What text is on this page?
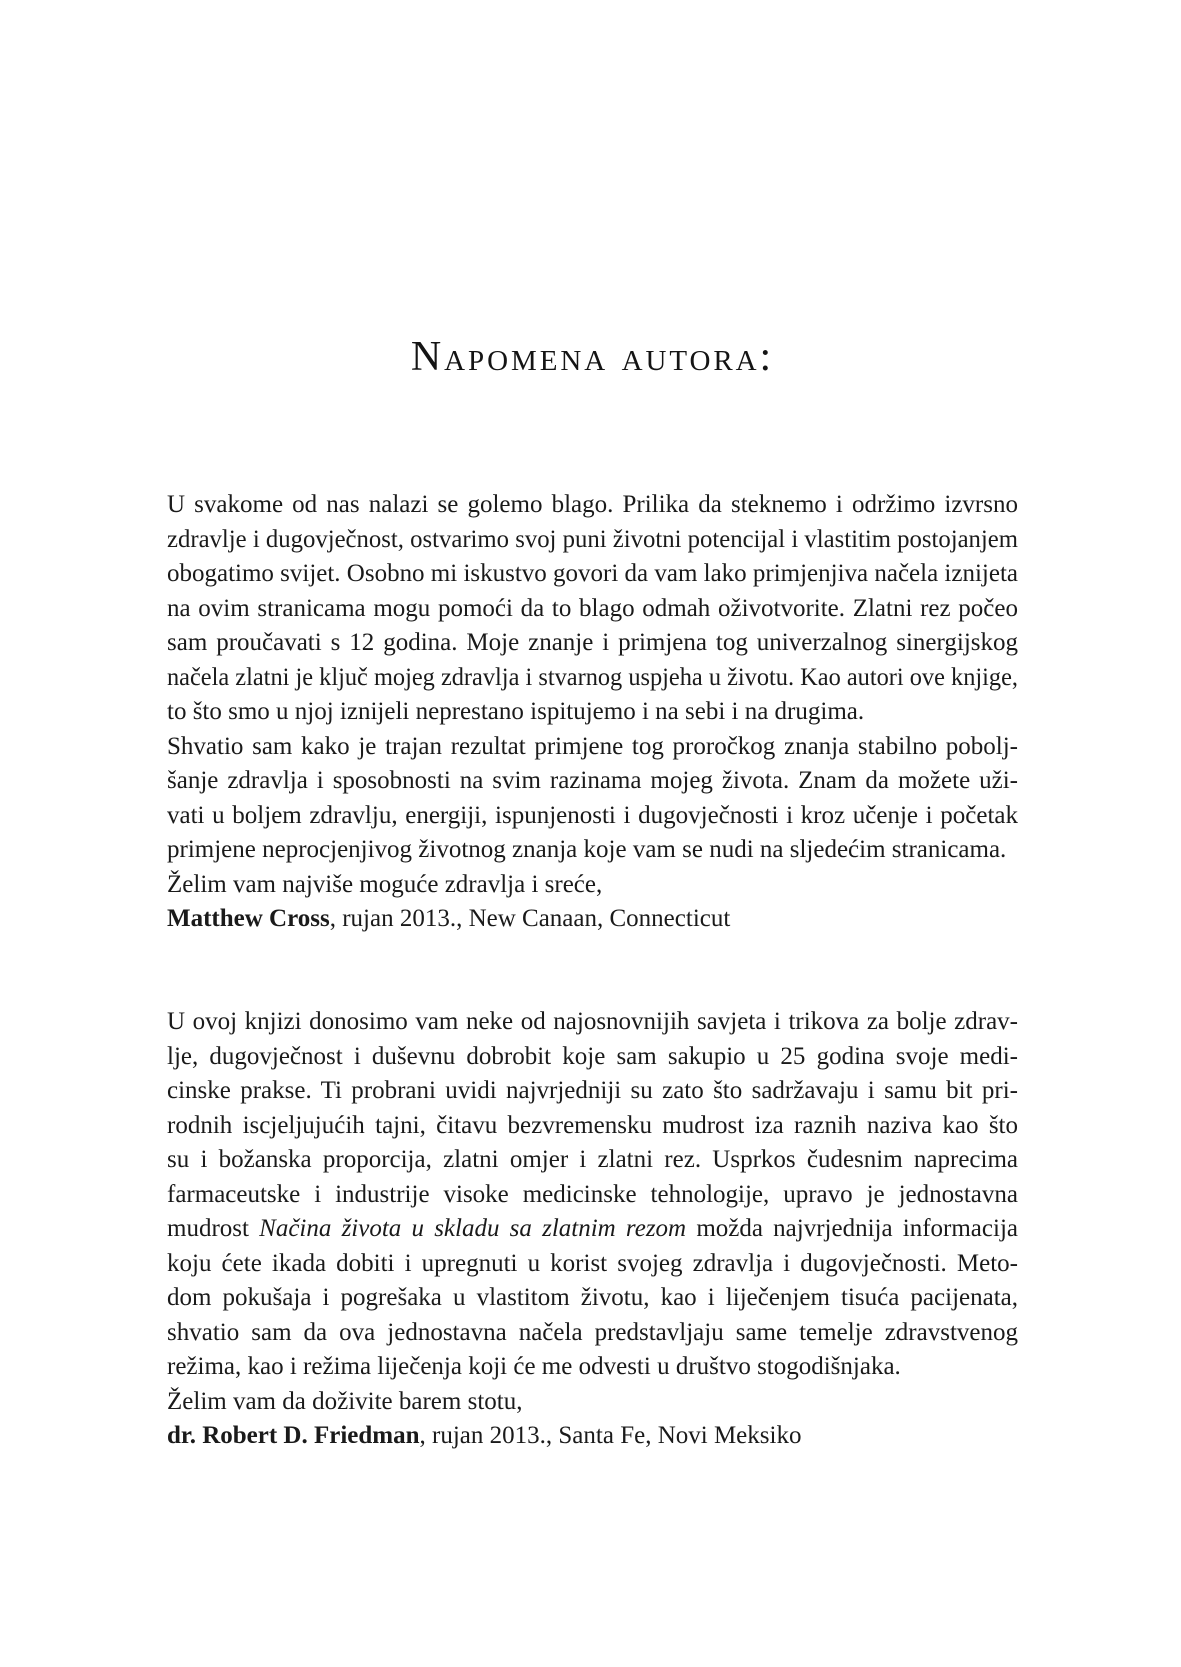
Napomena autora:
U svakome od nas nalazi se golemo blago. Prilika da steknemo i održimo izvrsno
zdravlje i dugovječnost, ostvarimo svoj puni životni potencijal i vlastitim postojanjem
obogatimo svijet. Osobno mi iskustvo govori da vam lako primjenjiva načela iznijeta
na ovim stranicama mogu pomoći da to blago odmah oživotvorite. Zlatni rez počeo
sam proučavati s 12 godina. Moje znanje i primjena tog univerzalnog sinergijskog
načela zlatni je ključ mojeg zdravlja i stvarnog uspjeha u životu. Kao autori ove knjige,
to što smo u njoj iznijeli neprestano ispitujemo i na sebi i na drugima.
Shvatio sam kako je trajan rezultat primjene tog proročkog znanja stabilno pobolj-
šanje zdravlja i sposobnosti na svim razinama mojeg života. Znam da možete uži-
vati u boljem zdravlju, energiji, ispunjenosti i dugovječnosti i kroz učenje i početak
primjene neprocjenjivog životnog znanja koje vam se nudi na sljedećim stranicama.
Želim vam najviše moguće zdravlja i sreće,
Matthew Cross, rujan 2013., New Canaan, Connecticut
U ovoj knjizi donosimo vam neke od najosnovnijih savjeta i trikova za bolje zdrav-
lje, dugovječnost i duševnu dobrobit koje sam sakupio u 25 godina svoje medi-
cinske prakse. Ti probrani uvidi najvrjedniji su zato što sadržavaju i samu bit pri-
rodnih iscjeljujućih tajni, čitavu bezvremensku mudrost iza raznih naziva kao što
su i božanska proporcija, zlatni omjer i zlatni rez. Usprkos čudesnim naprecima
farmaceutske i industrije visoke medicinske tehnologije, upravo je jednostavna
mudrost Načina života u skladu sa zlatnim rezom možda najvrjednija informacija
koju ćete ikada dobiti i upregnuti u korist svojeg zdravlja i dugovječnosti. Meto-
dom pokušaja i pogrešaka u vlastitom životu, kao i liječenjem tisuća pacijenata,
shvatio sam da ova jednostavna načela predstavljaju same temelje zdravstvenog
režima, kao i režima liječenja koji će me odvesti u društvo stogodišnjaka.
Želim vam da doživite barem stotu,
dr. Robert D. Friedman, rujan 2013., Santa Fe, Novi Meksiko
